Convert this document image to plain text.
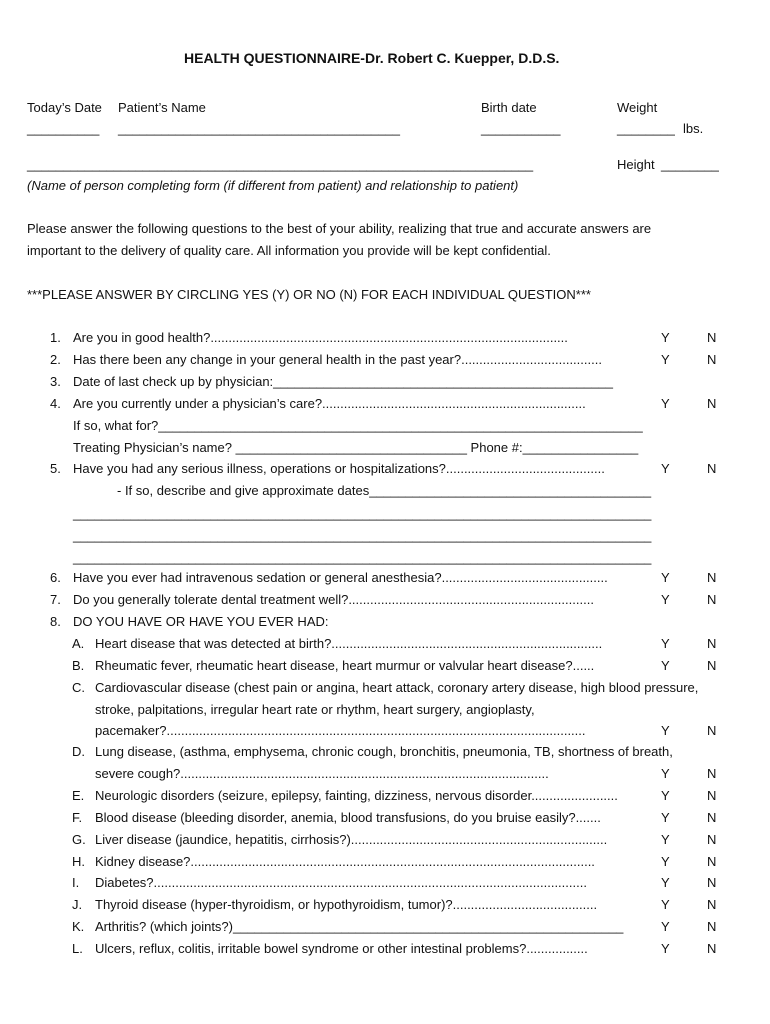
HEALTH QUESTIONNAIRE-Dr. Robert C. Kuepper, D.D.S.
Today’s Date
__________
Patient’s Name
_______________________________________
Birth date
___________
Weight
________ lbs.
______________________________________________________________________	Height ________
(Name of person completing form (if different from patient) and relationship to patient)
Please answer the following questions to the best of your ability, realizing that true and accurate answers are
important to the delivery of quality care. All information you provide will be kept confidential.
***PLEASE ANSWER BY CIRCLING YES (Y) OR NO (N) FOR EACH INDIVIDUAL QUESTION***
1. Are you in good health?...................................................................................................	Y	N
2. Has there been any change in your general health in the past year?.......................................	Y	N
3. Date of last check up by physician:_______________________________________________
4. Are you currently under a physician’s care?.........................................................................	Y	N
If so, what for?___________________________________________________________________
Treating Physician’s name? ________________________________ Phone #:________________
5. Have you had any serious illness, operations or hospitalizations?............................................	Y	N
- If so, describe and give approximate dates_______________________________________
________________________________________________________________________________
________________________________________________________________________________
________________________________________________________________________________
6. Have you ever had intravenous sedation or general anesthesia?..............................................	Y	N
7. Do you generally tolerate dental treatment well?....................................................................	Y	N
8. DO YOU HAVE OR HAVE YOU EVER HAD:
A. Heart disease that was detected at birth?...........................................................................	Y	N
B. Rheumatic fever, rheumatic heart disease, heart murmur or valvular heart disease?......	Y	N
C. Cardiovascular disease (chest pain or angina, heart attack, coronary artery disease, high blood pressure,
stroke, palpitations, irregular heart rate or rhythm, heart surgery, angioplasty,
pacemaker?....................................................................................................................	Y	N
D. Lung disease, (asthma, emphysema, chronic cough, bronchitis, pneumonia, TB, shortness of breath,
severe cough?......................................................................................................	Y	N
E. Neurologic disorders (seizure, epilepsy, fainting, dizziness, nervous disorder........................	Y	N
F. Blood disease (bleeding disorder, anemia, blood transfusions, do you bruise easily?.......	Y	N
G. Liver disease (jaundice, hepatitis, cirrhosis?).......................................................................	Y	N
H. Kidney disease?................................................................................................................	Y	N
I. Diabetes?........................................................................................................................	Y	N
J. Thyroid disease (hyper-thyroidism, or hypothyroidism, tumor)?........................................	Y	N
K. Arthritis? (which joints?)______________________________________________________	Y	N
L. Ulcers, reflux, colitis, irritable bowel syndrome or other intestinal problems?.................	Y	N
